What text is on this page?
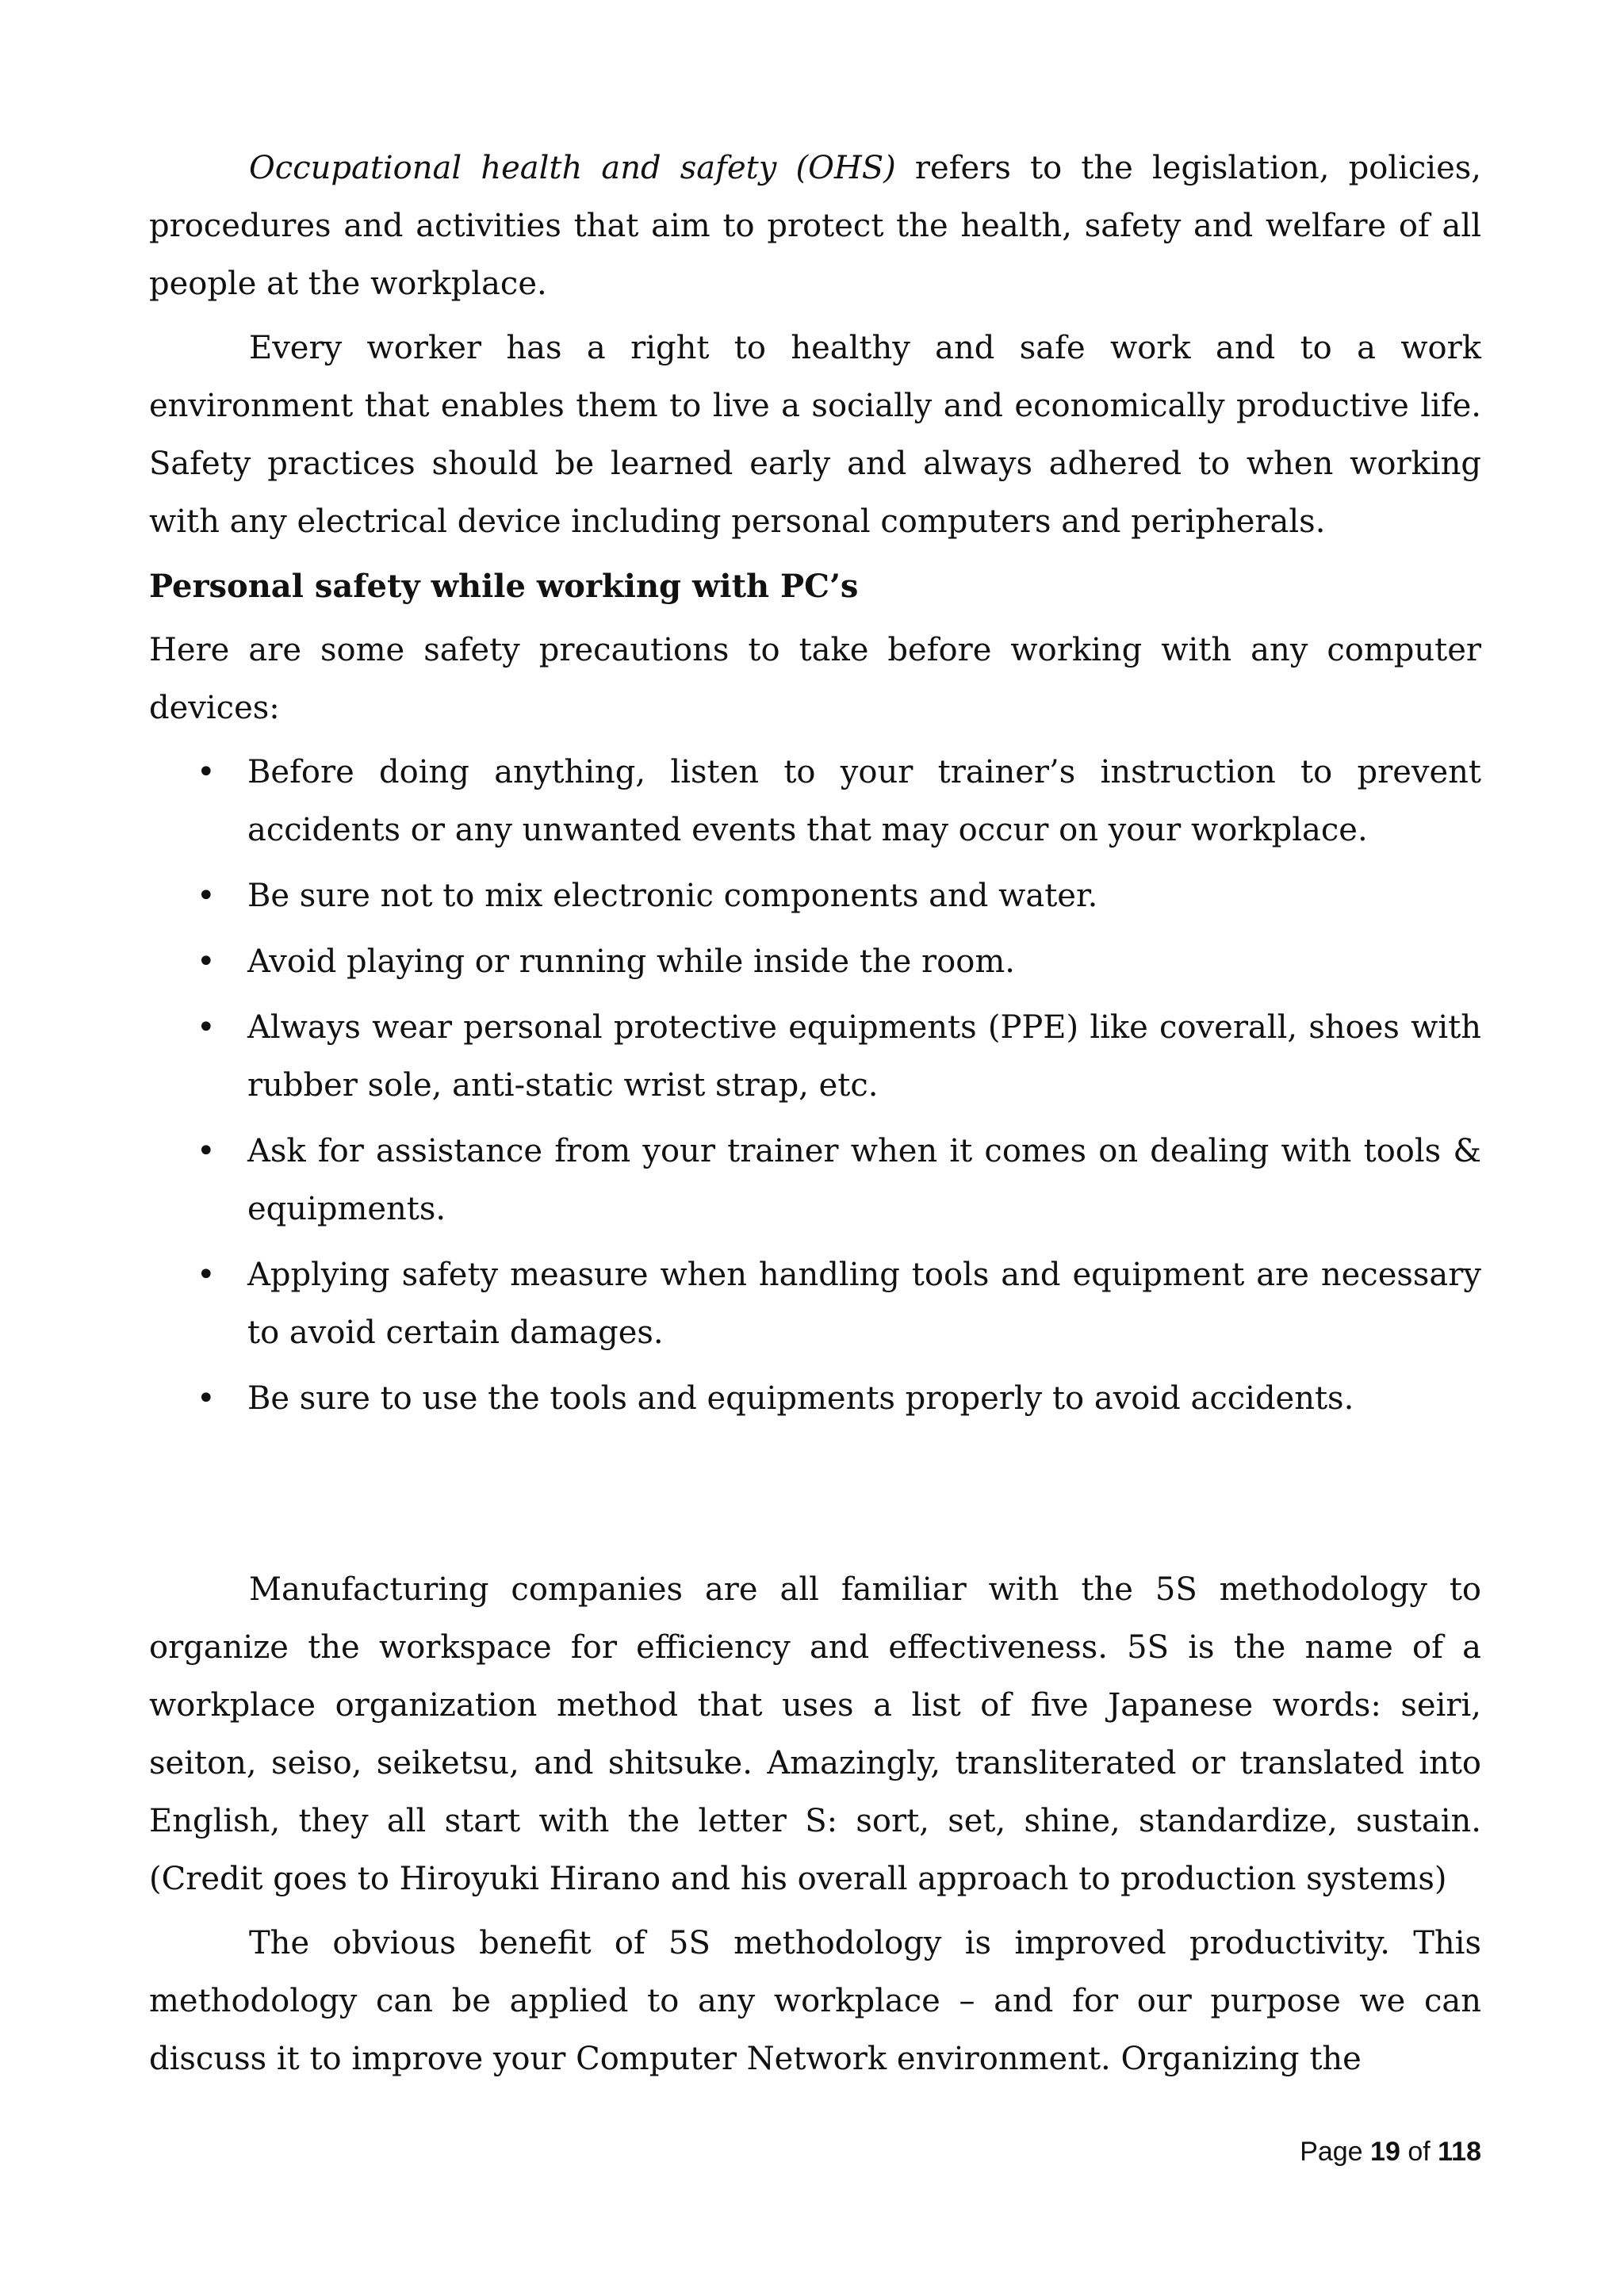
Occupational health and safety (OHS) refers to the legislation, policies, procedures and activities that aim to protect the health, safety and welfare of all people at the workplace.

Every worker has a right to healthy and safe work and to a work environment that enables them to live a socially and economically productive life. Safety practices should be learned early and always adhered to when working with any electrical device including personal computers and peripherals.

Personal safety while working with PC’s

Here are some safety precautions to take before working with any computer devices:

• Before doing anything, listen to your trainer’s instruction to prevent accidents or any unwanted events that may occur on your workplace.
• Be sure not to mix electronic components and water.
• Avoid playing or running while inside the room.
• Always wear personal protective equipments (PPE) like coverall, shoes with rubber sole, anti-static wrist strap, etc.
• Ask for assistance from your trainer when it comes on dealing with tools & equipments.
• Applying safety measure when handling tools and equipment are necessary to avoid certain damages.
• Be sure to use the tools and equipments properly to avoid accidents.

Manufacturing companies are all familiar with the 5S methodology to organize the workspace for efficiency and effectiveness. 5S is the name of a workplace organization method that uses a list of five Japanese words: seiri, seiton, seiso, seiketsu, and shitsuke. Amazingly, transliterated or translated into English, they all start with the letter S: sort, set, shine, standardize, sustain. (Credit goes to Hiroyuki Hirano and his overall approach to production systems)

The obvious benefit of 5S methodology is improved productivity. This methodology can be applied to any workplace – and for our purpose we can discuss it to improve your Computer Network environment. Organizing the

Page 19 of 118
